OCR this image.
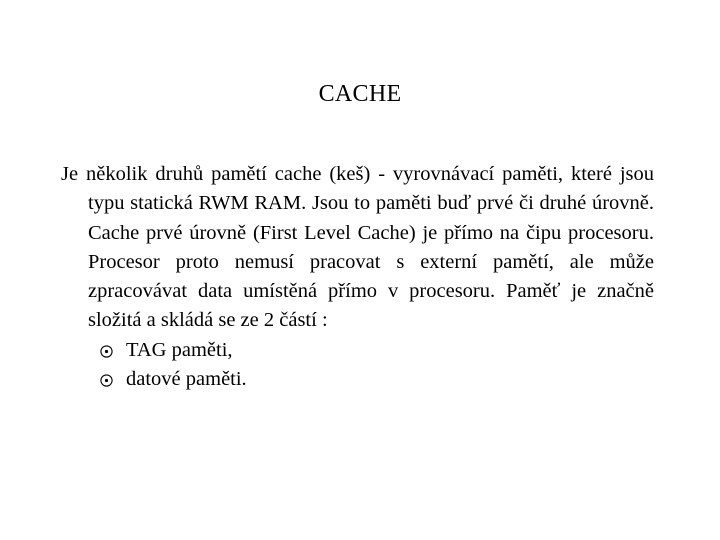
CACHE

Je několik druhů pamětí cache (keš) - vyrovnávací paměti, které jsou typu statická RWM RAM. Jsou to paměti buď prvé či druhé úrovně. Cache prvé úrovně (First Level Cache) je přímo na čipu procesoru. Procesor proto nemusí pracovat s externí pamětí, ale může zpracovávat data umístěná přímo v procesoru. Paměť je značně složitá a skládá se ze 2 částí :

TAG paměti,
datové paměti.
